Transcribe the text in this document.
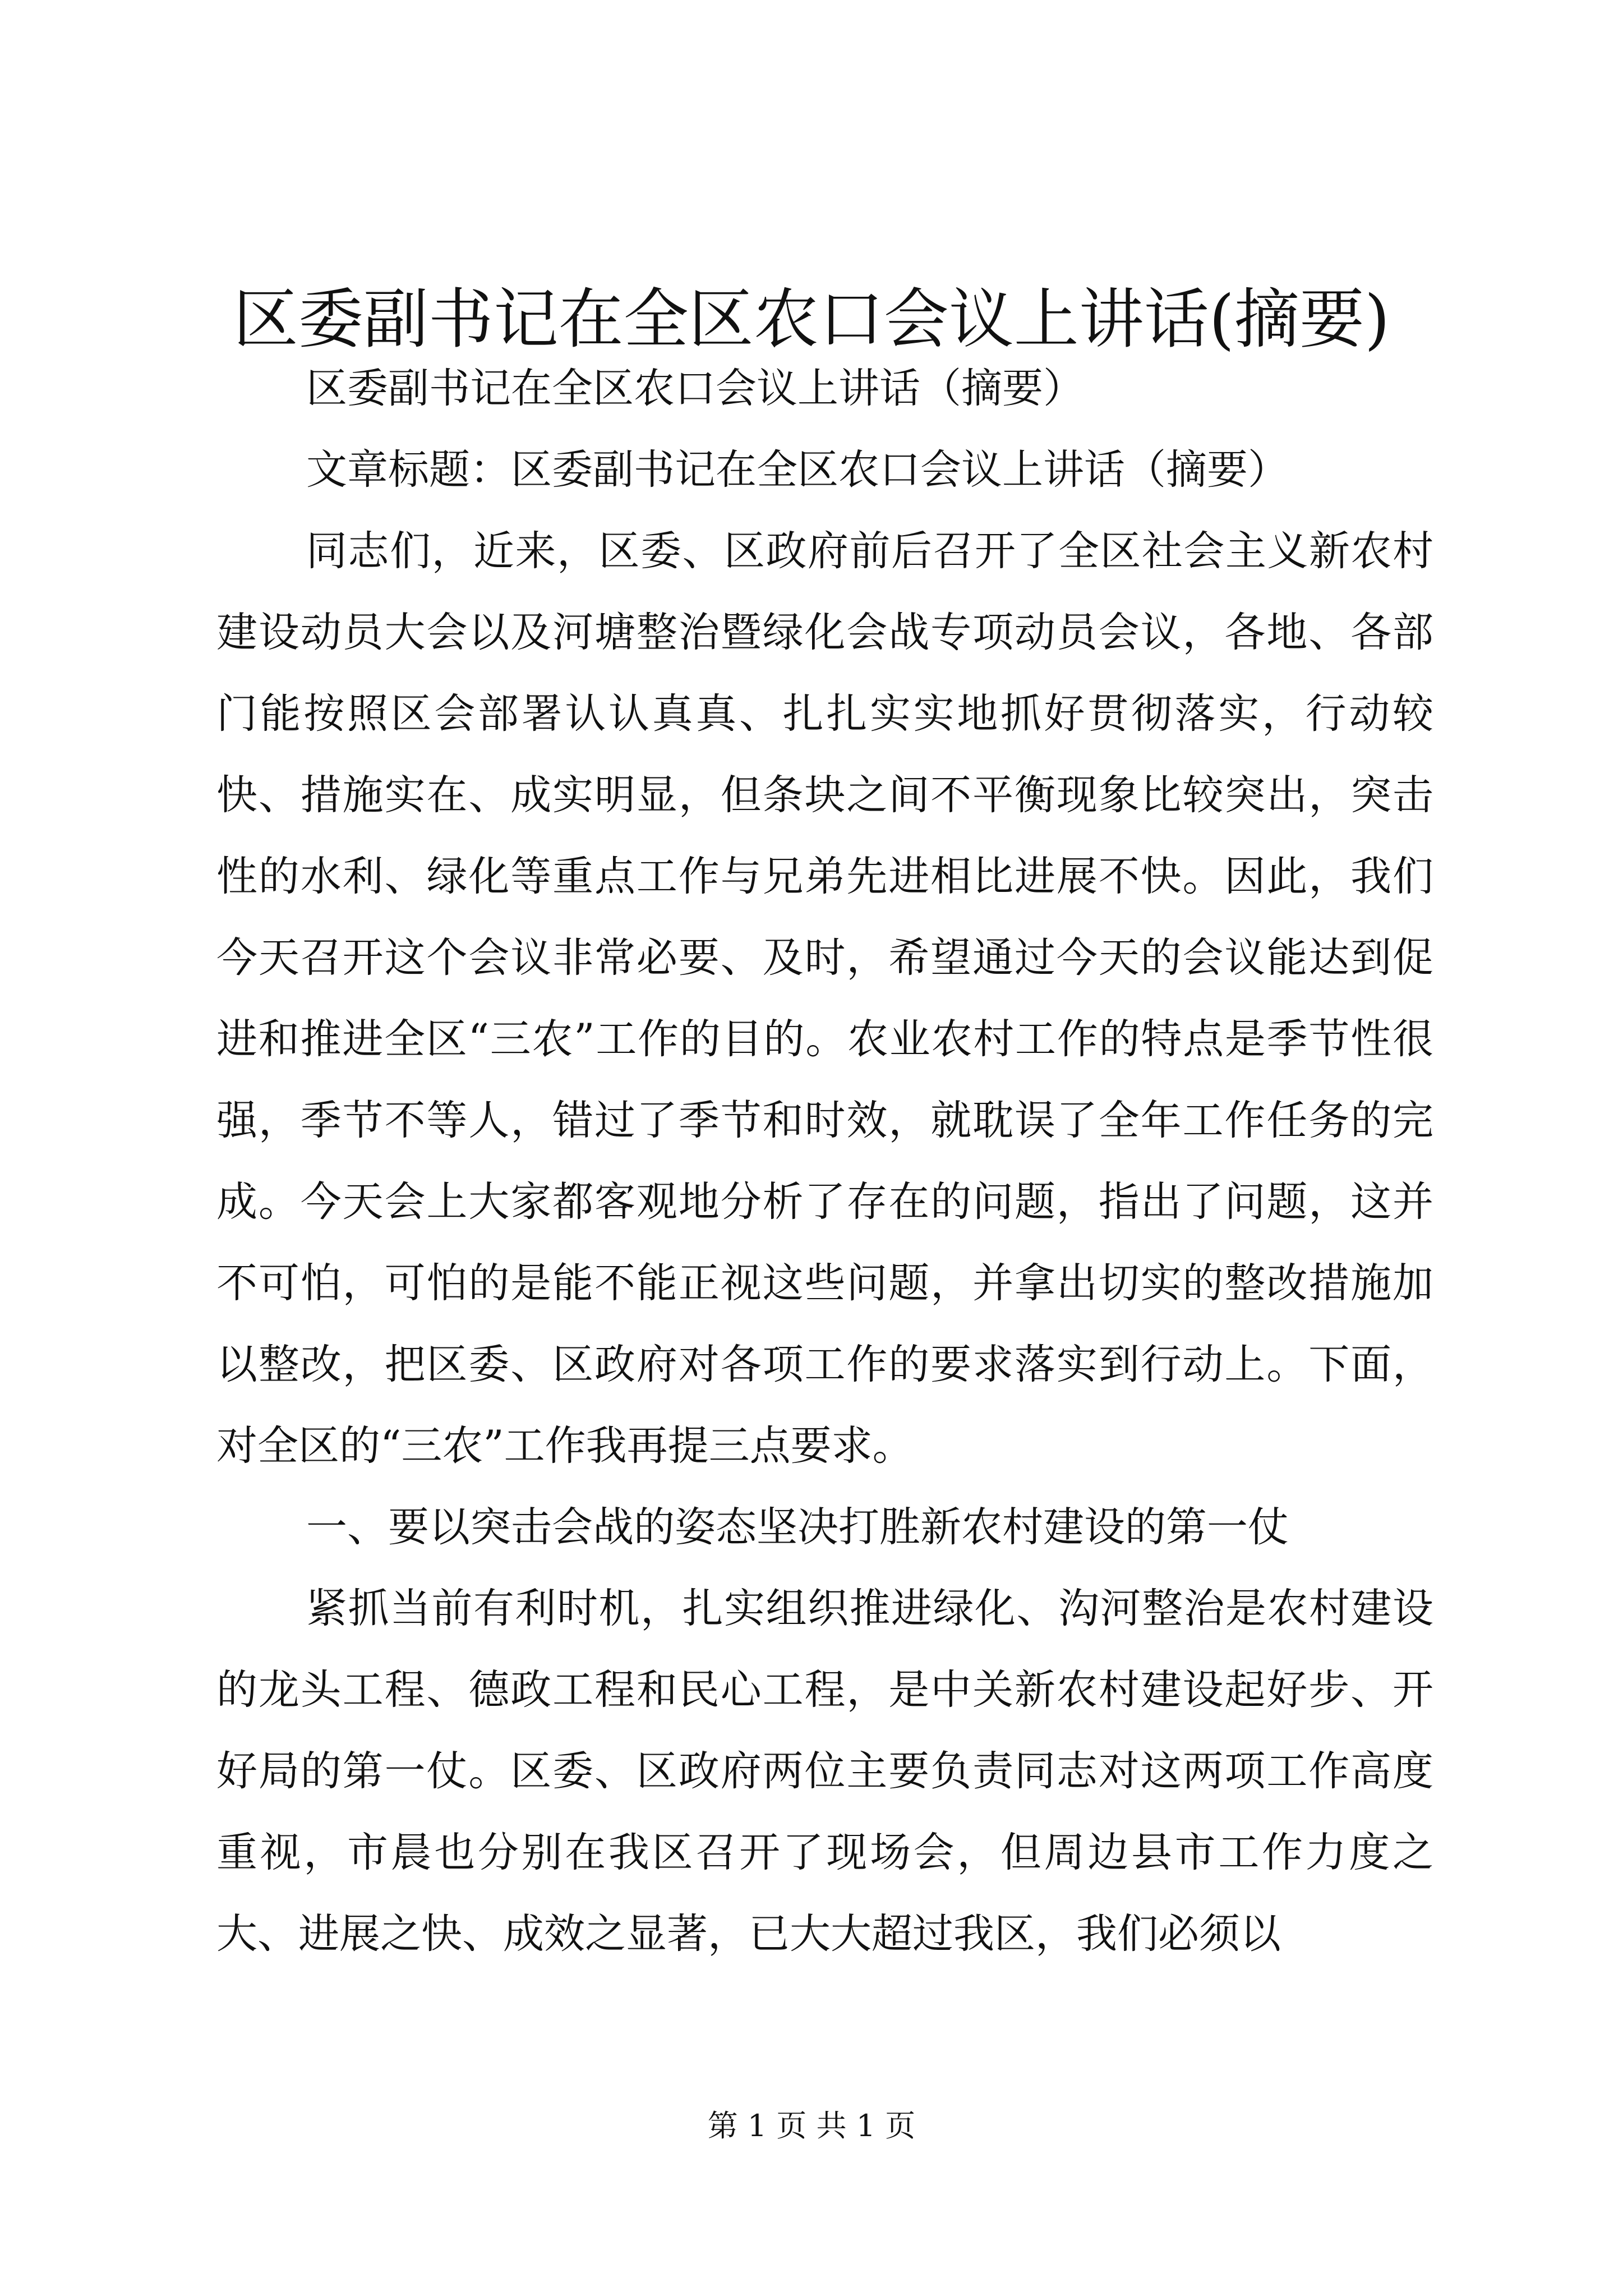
区委副书记在全区农口会议上讲话(摘要)

区委副书记在全区农口会议上讲话（摘要）

文章标题：区委副书记在全区农口会议上讲话（摘要）

同志们，近来，区委、区政府前后召开了全区社会主义新农村建设动员大会以及河塘整治暨绿化会战专项动员会议，各地、各部门能按照区会部署认认真真、扎扎实实地抓好贯彻落实，行动较快、措施实在、成实明显，但条块之间不平衡现象比较突出，突击性的水利、绿化等重点工作与兄弟先进相比进展不快。因此，我们今天召开这个会议非常必要、及时，希望通过今天的会议能达到促进和推进全区“三农”工作的目的。农业农村工作的特点是季节性很强，季节不等人，错过了季节和时效，就耽误了全年工作任务的完成。今天会上大家都客观地分析了存在的问题，指出了问题，这并不可怕，可怕的是能不能正视这些问题，并拿出切实的整改措施加以整改，把区委、区政府对各项工作的要求落实到行动上。下面，对全区的“三农”工作我再提三点要求。

一、要以突击会战的姿态坚决打胜新农村建设的第一仗

紧抓当前有利时机，扎实组织推进绿化、沟河整治是农村建设的龙头工程、德政工程和民心工程，是中关新农村建设起好步、开好局的第一仗。区委、区政府两位主要负责同志对这两项工作高度重视，市晨也分别在我区召开了现场会，但周边县市工作力度之大、进展之快、成效之显著，已大大超过我区，我们必须以

第 1 页 共 1 页
